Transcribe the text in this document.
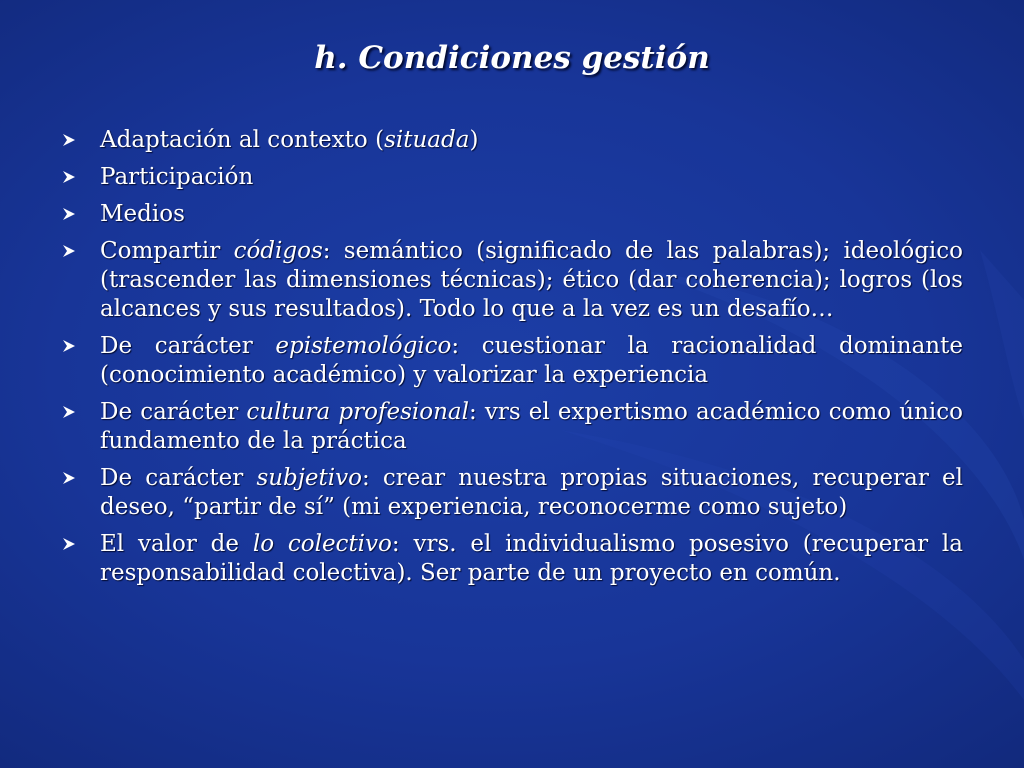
h. Condiciones gestión
Adaptación al contexto (situada)
Participación
Medios
Compartir códigos: semántico (significado de las palabras); ideológico (trascender las dimensiones técnicas); ético (dar coherencia); logros (los alcances y sus resultados). Todo lo que a la vez es un desafío…
De carácter epistemológico: cuestionar la racionalidad dominante (conocimiento académico) y valorizar la experiencia
De carácter cultura profesional: vrs el expertismo académico como único fundamento de la práctica
De carácter subjetivo: crear nuestra propias situaciones, recuperar el deseo, “partir de sí” (mi experiencia, reconocerme como sujeto)
El valor de lo colectivo: vrs. el individualismo posesivo (recuperar la responsabilidad colectiva). Ser parte de un proyecto en común.
